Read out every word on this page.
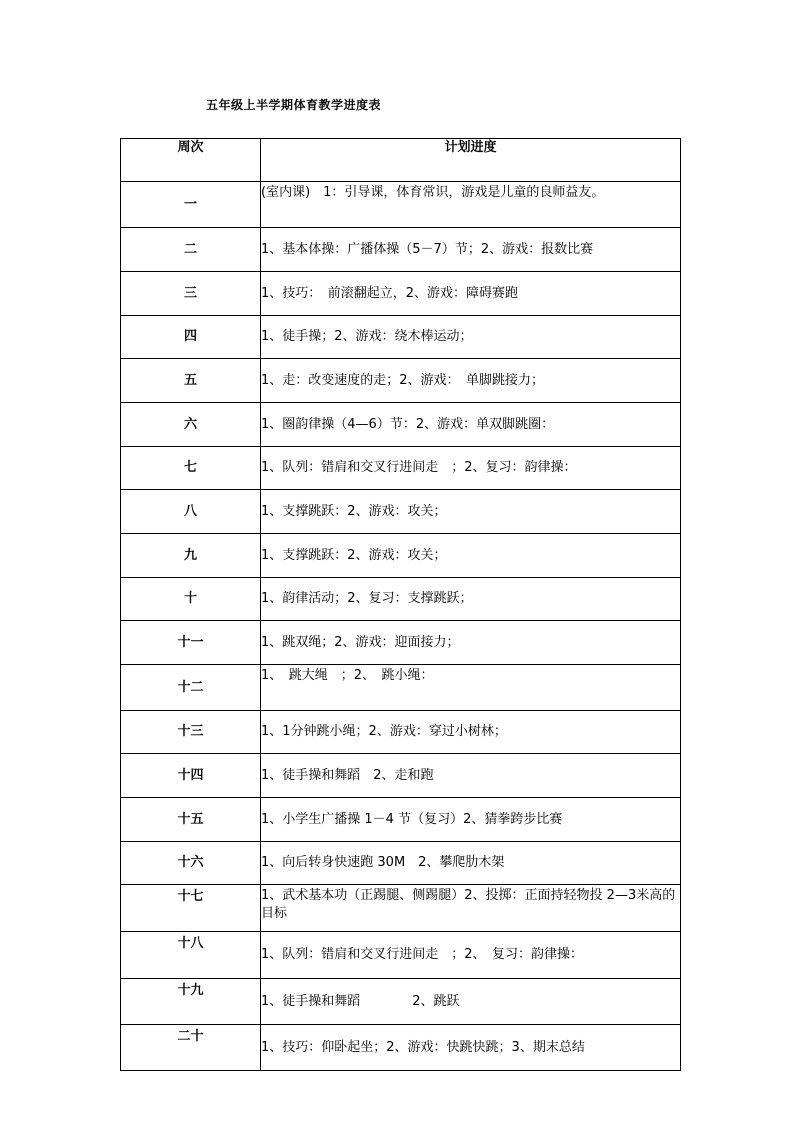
五年级上半学期体育教学进度表
周次	计划进度
一	(室内课)　1：引导课，体育常识，游戏是儿童的良师益友。
二	1、基本体操：广播体操（5－7）节；2、游戏：报数比赛
三	1、技巧：　前滚翻起立，2、游戏：障碍赛跑
四	1、徒手操；2、游戏：绕木棒运动；
五	1、走：改变速度的走；2、游戏：　单脚跳接力；
六	1、圈韵律操（4—6）节：2、游戏：单双脚跳圈：
七	1、队列：错肩和交叉行进间走　；2、复习：韵律操：
八	1、支撑跳跃：2、游戏：攻关；
九	1、支撑跳跃：2、游戏：攻关；
十	1、韵律活动；2、复习：支撑跳跃；
十一	1、跳双绳；2、游戏：迎面接力；
十二	1、　跳大绳　；2、　跳小绳：
十三	1、1分钟跳小绳；2、游戏：穿过小树林；
十四	1、徒手操和舞蹈　2、走和跑
十五	1、小学生广播操 1－4 节（复习）2、猜拳跨步比赛
十六	1、向后转身快速跑 30M　2、攀爬肋木架
十七	1、武术基本功（正踢腿、侧踢腿）2、投掷：正面持轻物投 2—3米高的目标
十八	1、队列：错肩和交叉行进间走　；2、　复习：韵律操：
十九	1、徒手操和舞蹈　　　　2、跳跃
二十	1、技巧：仰卧起坐；2、游戏：快跳快跳；3、期末总结
